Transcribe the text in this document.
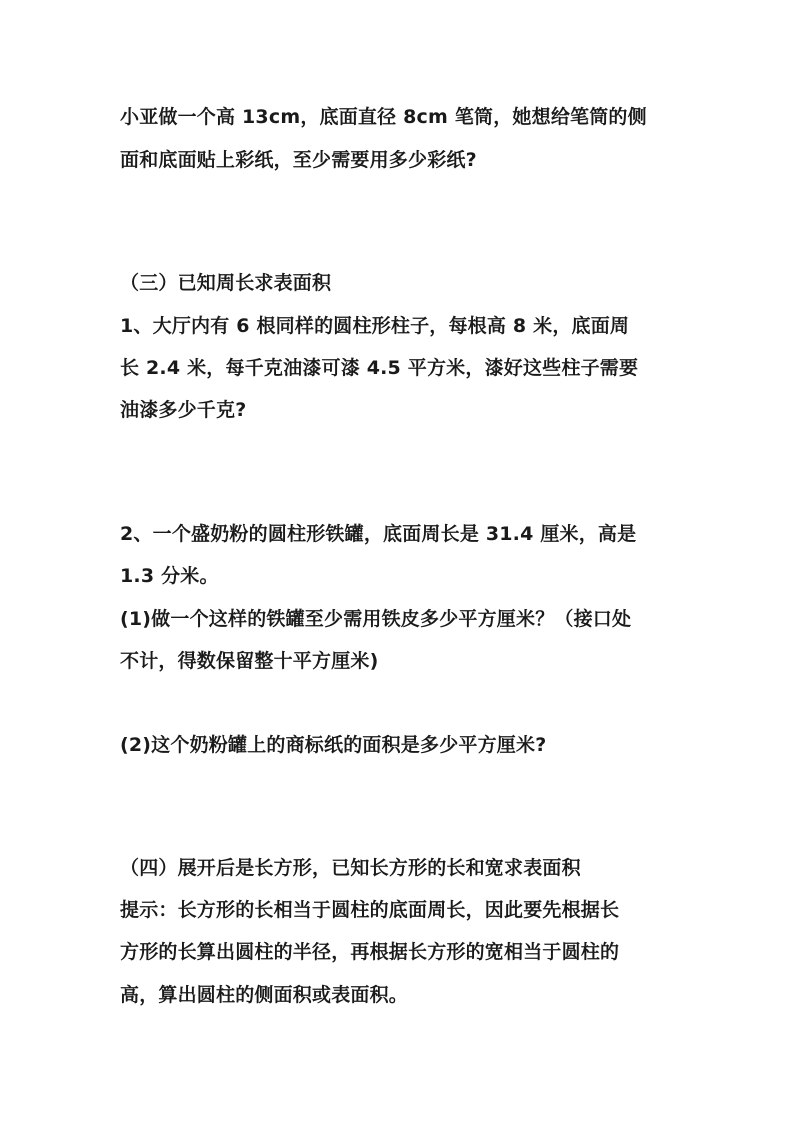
小亚做一个高 13cm，底面直径 8cm 笔筒，她想给笔筒的侧
面和底面贴上彩纸，至少需要用多少彩纸?
（三）已知周长求表面积
1、大厅内有 6 根同样的圆柱形柱子，每根高 8 米，底面周
长 2.4 米，每千克油漆可漆 4.5 平方米，漆好这些柱子需要
油漆多少千克?
2、一个盛奶粉的圆柱形铁罐，底面周长是 31.4 厘米，高是
1.3 分米。
(1)做一个这样的铁罐至少需用铁皮多少平方厘米？（接口处
不计，得数保留整十平方厘米)
(2)这个奶粉罐上的商标纸的面积是多少平方厘米?
（四）展开后是长方形，已知长方形的长和宽求表面积
提示：长方形的长相当于圆柱的底面周长，因此要先根据长
方形的长算出圆柱的半径，再根据长方形的宽相当于圆柱的
高，算出圆柱的侧面积或表面积。
